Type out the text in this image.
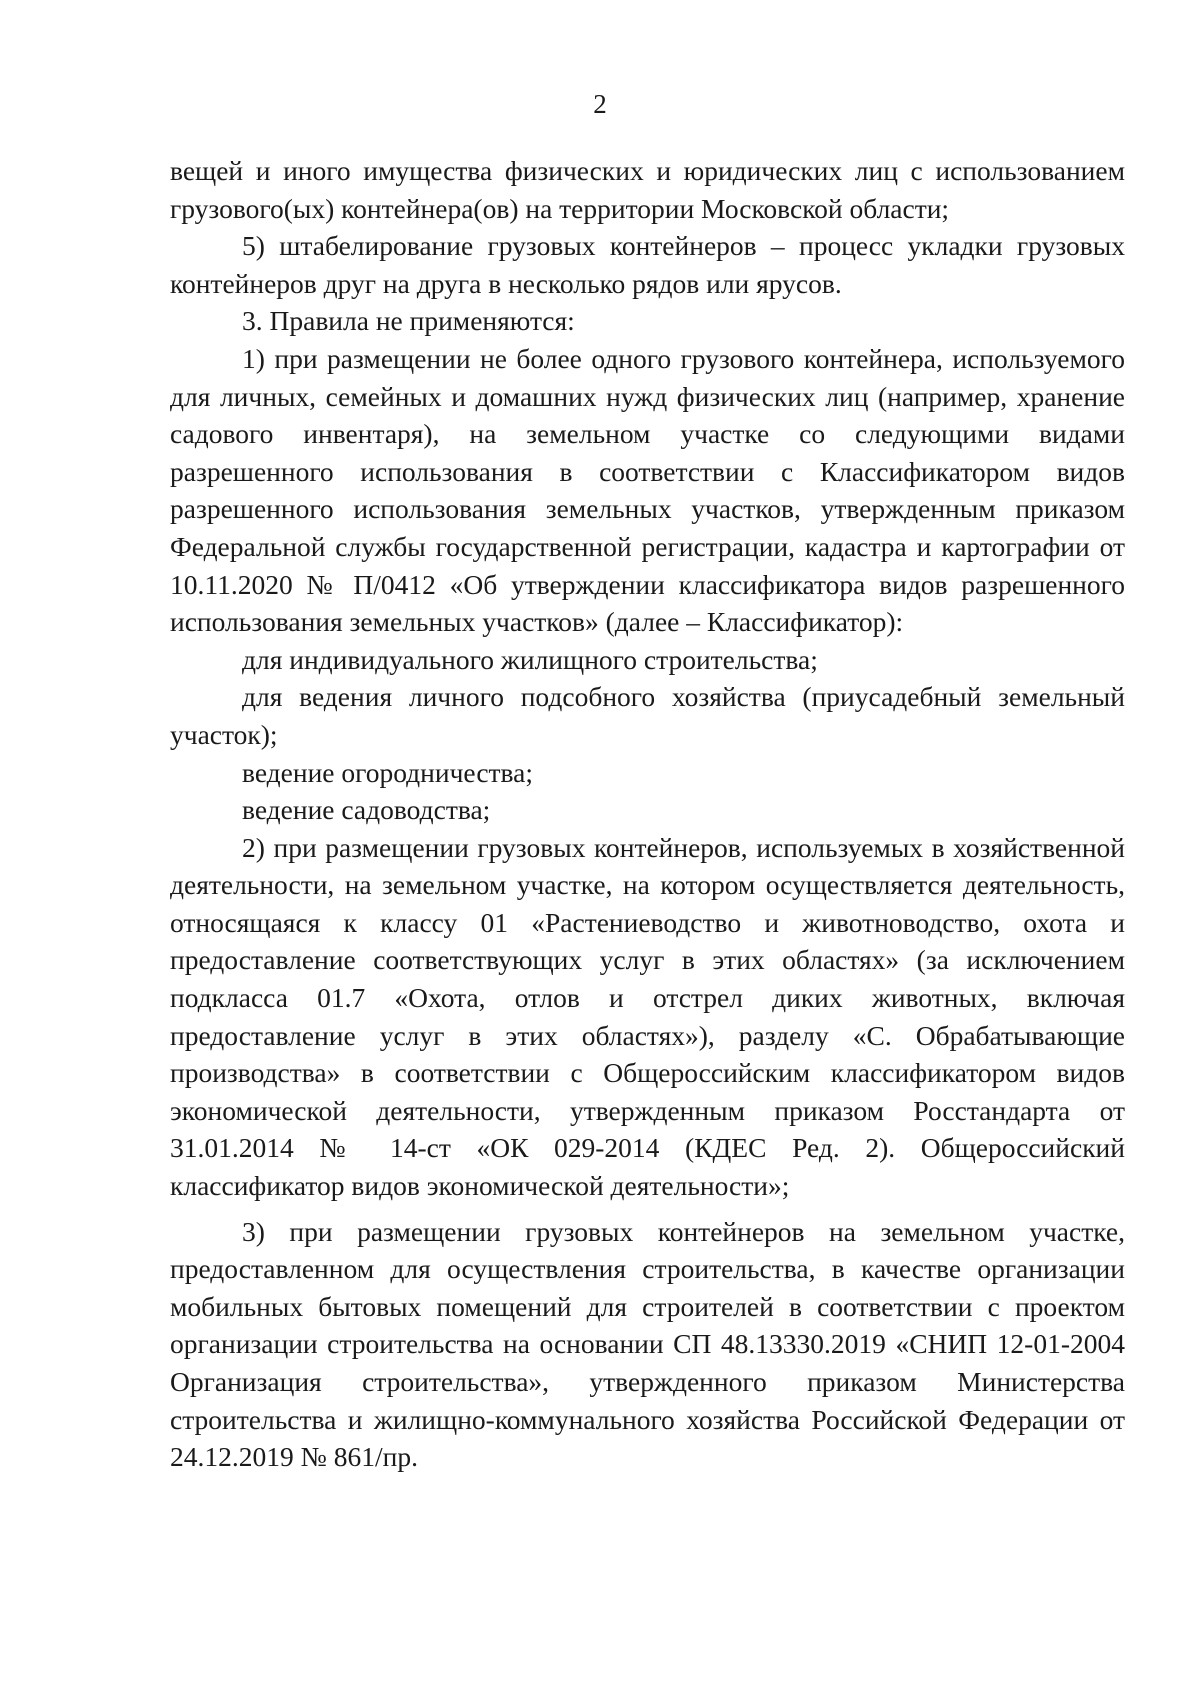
2

вещей и иного имущества физических и юридических лиц с использованием грузового(ых) контейнера(ов) на территории Московской области;

5) штабелирование грузовых контейнеров – процесс укладки грузовых контейнеров друг на друга в несколько рядов или ярусов.

3. Правила не применяются:

1) при размещении не более одного грузового контейнера, используемого для личных, семейных и домашних нужд физических лиц (например, хранение садового инвентаря), на земельном участке со следующими видами разрешенного использования в соответствии с Классификатором видов разрешенного использования земельных участков, утвержденным приказом Федеральной службы государственной регистрации, кадастра и картографии от 10.11.2020 № П/0412 «Об утверждении классификатора видов разрешенного использования земельных участков» (далее – Классификатор):

для индивидуального жилищного строительства;

для ведения личного подсобного хозяйства (приусадебный земельный участок);

ведение огородничества;

ведение садоводства;

2) при размещении грузовых контейнеров, используемых в хозяйственной деятельности, на земельном участке, на котором осуществляется деятельность, относящаяся к классу 01 «Растениеводство и животноводство, охота и предоставление соответствующих услуг в этих областях» (за исключением подкласса 01.7 «Охота, отлов и отстрел диких животных, включая предоставление услуг в этих областях»), разделу «С. Обрабатывающие производства» в соответствии с Общероссийским классификатором видов экономической деятельности, утвержденным приказом Росстандарта от 31.01.2014 № 14-ст «ОК 029-2014 (КДЕС Ред. 2). Общероссийский классификатор видов экономической деятельности»;

3) при размещении грузовых контейнеров на земельном участке, предоставленном для осуществления строительства, в качестве организации мобильных бытовых помещений для строителей в соответствии с проектом организации строительства на основании СП 48.13330.2019 «СНИП 12-01-2004 Организация строительства», утвержденного приказом Министерства строительства и жилищно-коммунального хозяйства Российской Федерации от 24.12.2019 № 861/пр.
